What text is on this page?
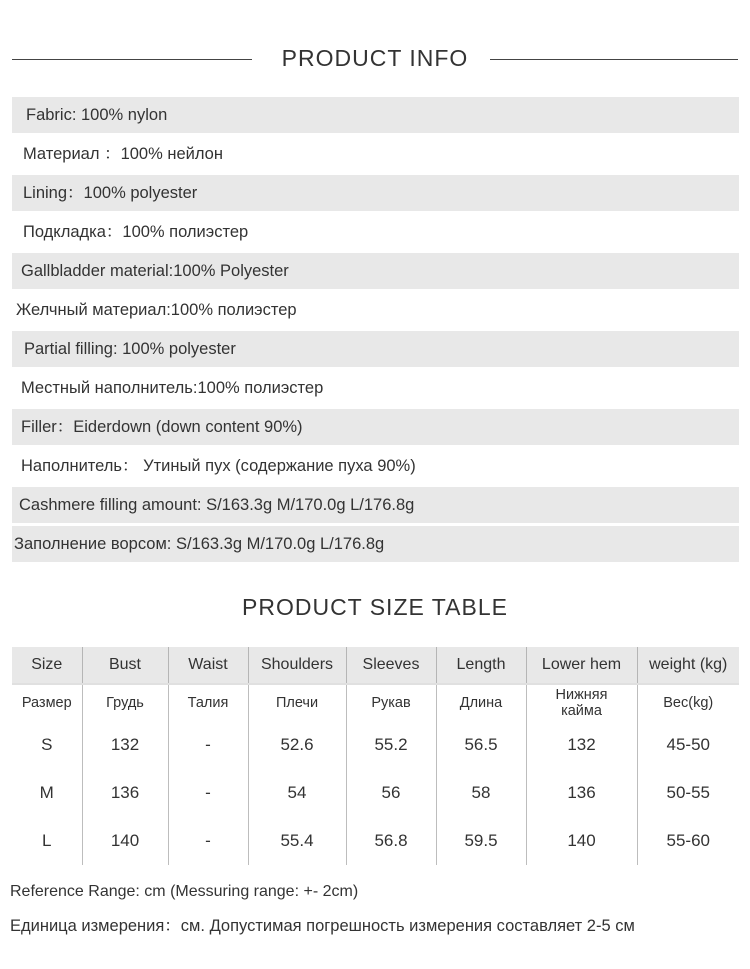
PRODUCT INFO
Fabric: 100% nylon
Материал ：100% нейлон
Lining：100% polyester
Подкладка：100% полиэстер
Gallbladder material:100% Polyester
Желчный материал:100% полиэстер
Partial filling: 100% polyester
Местный наполнитель:100% полиэстер
Filler：Eiderdown (down content 90%)
Наполнитель： Утиный пух (содержание пуха 90%)
Cashmere filling amount: S/163.3g M/170.0g L/176.8g
Заполнение ворсом: S/163.3g M/170.0g L/176.8g
PRODUCT SIZE TABLE
Size	Bust	Waist	Shoulders	Sleeves	Length	Lower hem	weight (kg)

Размер	Грудь	Талия	Плечи	Рукав	Длина	Нижняя кайма	Вес(kg)
S	132	-	52.6	55.2	56.5	132	45-50
M	136	-	54	56	58	136	50-55
L	140	-	55.4	56.8	59.5	140	55-60
Reference Range: cm (Messuring range: +- 2cm)
Единица измерения：см. Допустимая погрешность измерения составляет 2-5 см
